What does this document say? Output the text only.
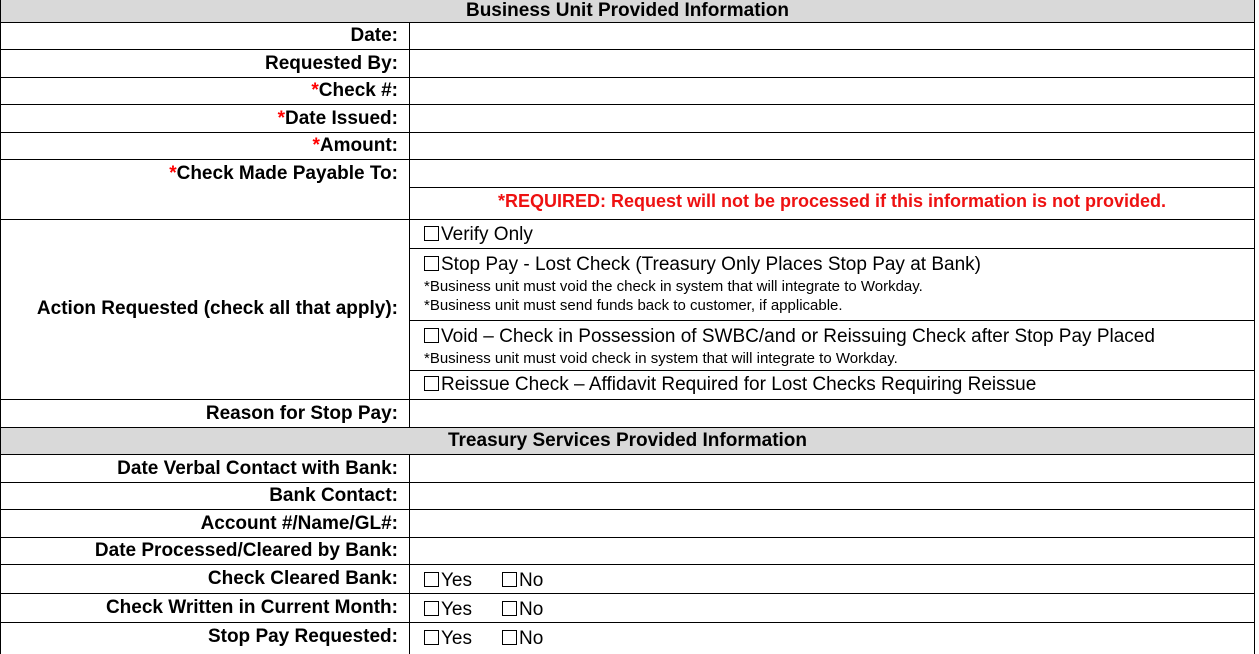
Business Unit Provided Information
Date:
Requested By:
*Check #:
*Date Issued:
*Amount:
*Check Made Payable To:
*REQUIRED: Request will not be processed if this information is not provided.
Action Requested (check all that apply):
Verify Only
Stop Pay - Lost Check (Treasury Only Places Stop Pay at Bank)
*Business unit must void the check in system that will integrate to Workday.
*Business unit must send funds back to customer, if applicable.
Void – Check in Possession of SWBC/and or Reissuing Check after Stop Pay Placed
*Business unit must void check in system that will integrate to Workday.
Reissue Check – Affidavit Required for Lost Checks Requiring Reissue
Reason for Stop Pay:
Treasury Services Provided Information
Date Verbal Contact with Bank:
Bank Contact:
Account #/Name/GL#:
Date Processed/Cleared by Bank:
Check Cleared Bank:	Yes No
Check Written in Current Month:	Yes No
Stop Pay Requested:	Yes No
